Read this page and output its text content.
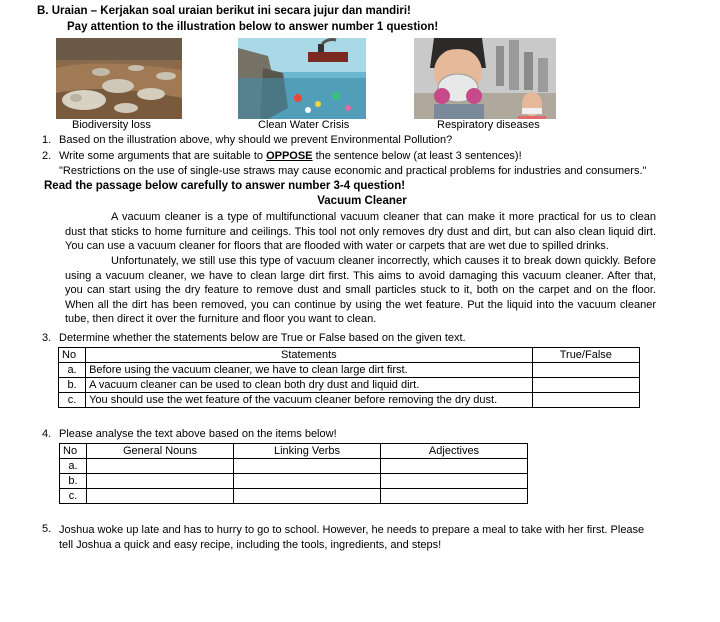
B. Uraian – Kerjakan soal uraian berikut ini secara jujur dan mandiri!
Pay attention to the illustration below to answer number 1 question!
Biodiversity loss	Clean Water Crisis	Respiratory diseases
1. Based on the illustration above, why should we prevent Environmental Pollution?
2. Write some arguments that are suitable to OPPOSE the sentence below (at least 3 sentences)!
"Restrictions on the use of single-use straws may cause economic and practical problems for industries and consumers."
Read the passage below carefully to answer number 3-4 question!
Vacuum Cleaner
A vacuum cleaner is a type of multifunctional vacuum cleaner that can make it more practical for us to clean dust that sticks to home furniture and ceilings. This tool not only removes dry dust and dirt, but can also clean liquid dirt. You can use a vacuum cleaner for floors that are flooded with water or carpets that are wet due to spilled drinks.
Unfortunately, we still use this type of vacuum cleaner incorrectly, which causes it to break down quickly. Before using a vacuum cleaner, we have to clean large dirt first. This aims to avoid damaging this vacuum cleaner. After that, you can start using the dry feature to remove dust and small particles stuck to it, both on the carpet and on the floor. When all the dirt has been removed, you can continue by using the wet feature. Put the liquid into the vacuum cleaner tube, then direct it over the furniture and floor you want to clean.
3. Determine whether the statements below are True or False based on the given text.
No	Statements	True/False
a.	Before using the vacuum cleaner, we have to clean large dirt first.	
b.	A vacuum cleaner can be used to clean both dry dust and liquid dirt.	
c.	You should use the wet feature of the vacuum cleaner before removing the dry dust.	
4. Please analyse the text above based on the items below!
No	General Nouns	Linking Verbs	Adjectives
a.			
b.			
c.			
5. Joshua woke up late and has to hurry to go to school. However, he needs to prepare a meal to take with her first. Please tell Joshua a quick and easy recipe, including the tools, ingredients, and steps!
